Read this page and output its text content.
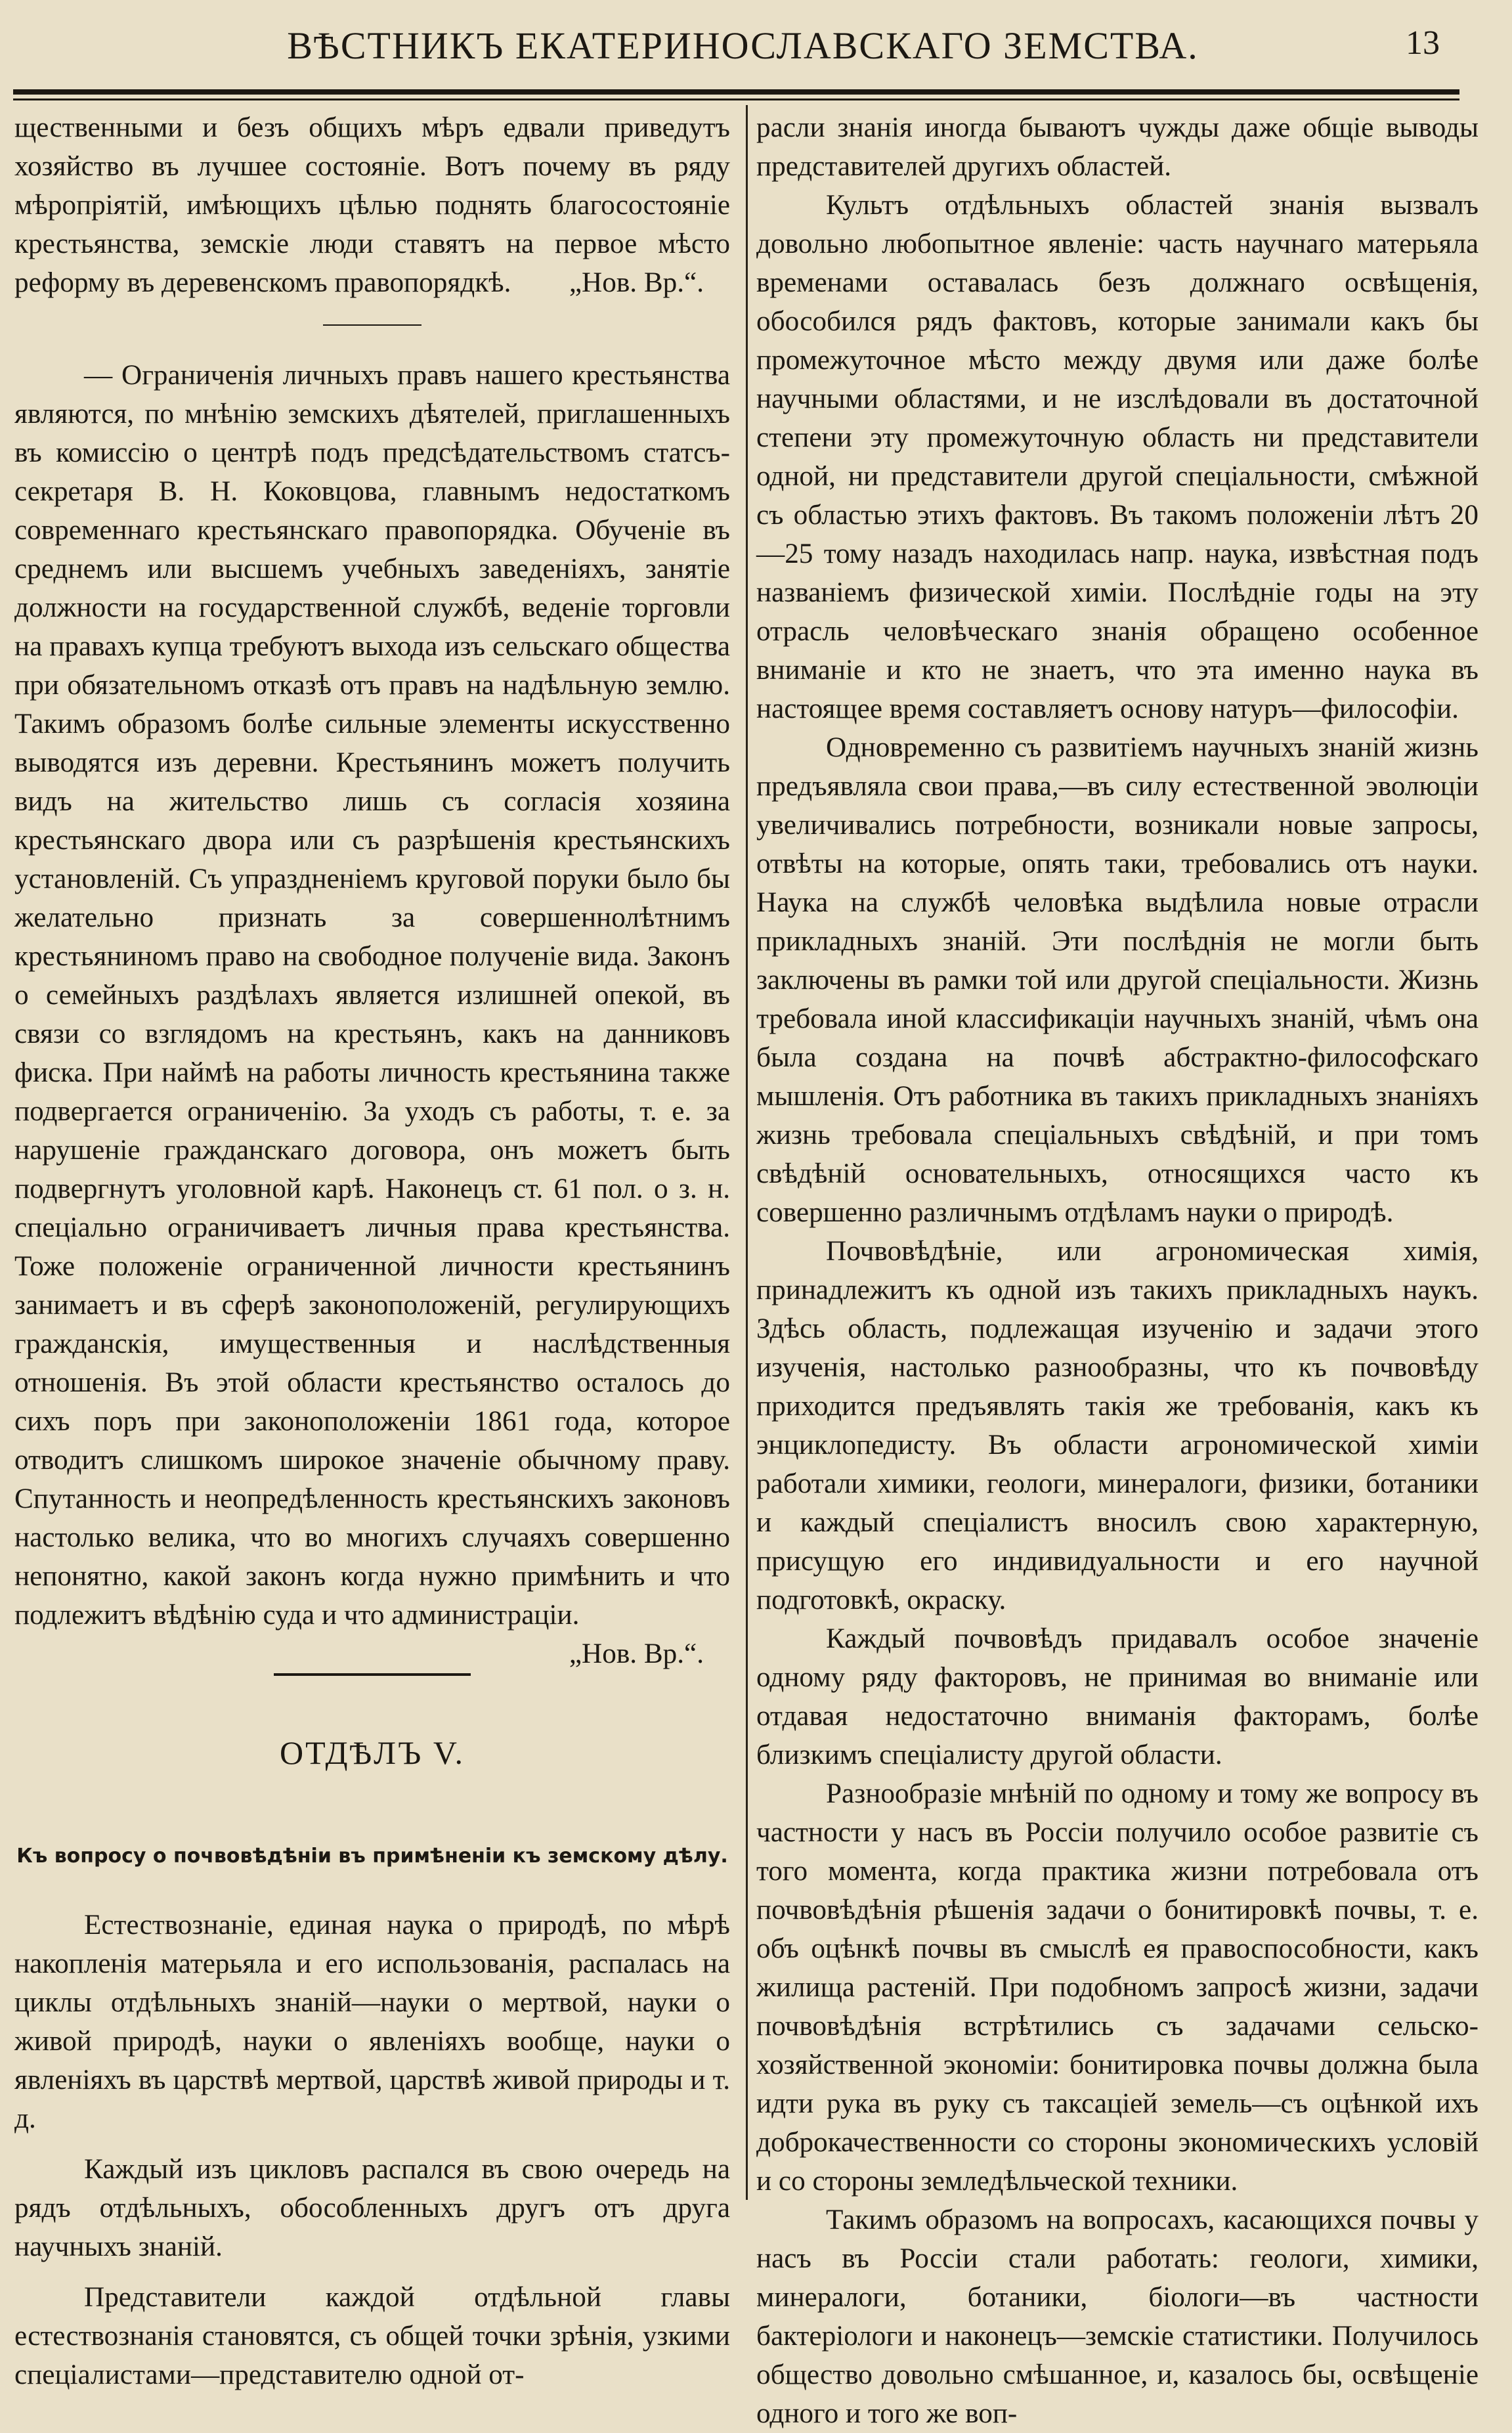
ВѢСТНИКЪ ЕКАТЕРИНОСЛАВСКАГО ЗЕМСТВА.	13

щественными и безъ общихъ мѣръ едвали приведутъ хозяйство въ лучшее состояніе. Вотъ почему въ ряду мѣропріятій, имѣющихъ цѣлью поднять благосостояніе крестьянства, земскіе люди ставятъ на первое мѣсто реформу въ деревенскомъ правопорядкѣ. „Нов. Вр.“.

— Ограниченія личныхъ правъ нашего крестьянства являются, по мнѣнію земскихъ дѣятелей, приглашенныхъ въ комиссію о центрѣ подъ предсѣдательствомъ статсъ-секретаря В. Н. Коковцова, главнымъ недостаткомъ современнаго крестьянскаго правопорядка. Обученіе въ среднемъ или высшемъ учебныхъ заведеніяхъ, занятіе должности на государственной службѣ, веденіе торговли на правахъ купца требуютъ выхода изъ сельскаго общества при обязательномъ отказѣ отъ правъ на надѣльную землю. Такимъ образомъ болѣе сильные элементы искусственно выводятся изъ деревни. Крестьянинъ можетъ получить видъ на жительство лишь съ согласія хозяина крестьянскаго двора или съ разрѣшенія крестьянскихъ установленій. Съ упраздненіемъ круговой поруки было бы желательно признать за совершеннолѣтнимъ крестьяниномъ право на свободное полученіе вида. Законъ о семейныхъ раздѣлахъ является излишней опекой, въ связи со взглядомъ на крестьянъ, какъ на данниковъ фиска. При наймѣ на работы личность крестьянина также подвергается ограниченію. За уходъ съ работы, т. е. за нарушеніе гражданскаго договора, онъ можетъ быть подвергнутъ уголовной карѣ. Наконецъ ст. 61 пол. о з. н. спеціально ограничиваетъ личныя права крестьянства. Тоже положеніе ограниченной личности крестьянинъ занимаетъ и въ сферѣ законоположеній, регулирующихъ гражданскія, имущественныя и наслѣдственныя отношенія. Въ этой области крестьянство осталось до сихъ поръ при законоположеніи 1861 года, которое отводитъ слишкомъ широкое значеніе обычному праву. Спутанность и неопредѣленность крестьянскихъ законовъ настолько велика, что во многихъ случаяхъ совершенно непонятно, какой законъ когда нужно примѣнить и что подлежитъ вѣдѣнію суда и что администраціи.
„Нов. Вр.“.

ОТДѢЛЪ V.
Къ вопросу о почвовѣдѣніи въ примѣненіи къ земскому дѣлу.

Естествознаніе, единая наука о природѣ, по мѣрѣ накопленія матерьяла и его использованія, распалась на циклы отдѣльныхъ знаній—науки о мертвой, науки о живой природѣ, науки о явленіяхъ вообще, науки о явленіяхъ въ царствѣ мертвой, царствѣ живой природы и т. д.

Каждый изъ цикловъ распался въ свою очередь на рядъ отдѣльныхъ, обособленныхъ другъ отъ друга научныхъ знаній.

Представители каждой отдѣльной главы естествознанія становятся, съ общей точки зрѣнія, узкими спеціалистами—представителю одной от-

расли знанія иногда бываютъ чужды даже общіе выводы представителей другихъ областей.

Культъ отдѣльныхъ областей знанія вызвалъ довольно любопытное явленіе: часть научнаго матерьяла временами оставалась безъ должнаго освѣщенія, обособился рядъ фактовъ, которые занимали какъ бы промежуточное мѣсто между двумя или даже болѣе научными областями, и не изслѣдовали въ достаточной степени эту промежуточную область ни представители одной, ни представители другой спеціальности, смѣжной съ областью этихъ фактовъ. Въ такомъ положеніи лѣтъ 20—25 тому назадъ находилась напр. наука, извѣстная подъ названіемъ физической химіи. Послѣдніе годы на эту отрасль человѣческаго знанія обращено особенное вниманіе и кто не знаетъ, что эта именно наука въ настоящее время составляетъ основу натуръ—философіи.

Одновременно съ развитіемъ научныхъ знаній жизнь предъявляла свои права,—въ силу естественной эволюціи увеличивались потребности, возникали новые запросы, отвѣты на которые, опять таки, требовались отъ науки. Наука на службѣ человѣка выдѣлила новые отрасли прикладныхъ знаній. Эти послѣднія не могли быть заключены въ рамки той или другой спеціальности. Жизнь требовала иной классификаціи научныхъ знаній, чѣмъ она была создана на почвѣ абстрактно-философскаго мышленія. Отъ работника въ такихъ прикладныхъ знаніяхъ жизнь требовала спеціальныхъ свѣдѣній, и при томъ свѣдѣній основательныхъ, относящихся часто къ совершенно различнымъ отдѣламъ науки о природѣ.

Почвовѣдѣніе, или агрономическая химія, принадлежитъ къ одной изъ такихъ прикладныхъ наукъ. Здѣсь область, подлежащая изученію и задачи этого изученія, настолько разнообразны, что къ почвовѣду приходится предъявлять такія же требованія, какъ къ энциклопедисту. Въ области агрономической химіи работали химики, геологи, минералоги, физики, ботаники и каждый спеціалистъ вносилъ свою характерную, присущую его индивидуальности и его научной подготовкѣ, окраску.

Каждый почвовѣдъ придавалъ особое значеніе одному ряду факторовъ, не принимая во вниманіе или отдавая недостаточно вниманія факторамъ, болѣе близкимъ спеціалисту другой области.

Разнообразіе мнѣній по одному и тому же вопросу въ частности у насъ въ Россіи получило особое развитіе съ того момента, когда практика жизни потребовала отъ почвовѣдѣнія рѣшенія задачи о бонитировкѣ почвы, т. е. объ оцѣнкѣ почвы въ смыслѣ ея правоспособности, какъ жилища растеній. При подобномъ запросѣ жизни, задачи почвовѣдѣнія встрѣтились съ задачами сельско-хозяйственной экономіи: бонитировка почвы должна была идти рука въ руку съ таксаціей земель—съ оцѣнкой ихъ доброкачественности со стороны экономическихъ условій и со стороны земледѣльческой техники.

Такимъ образомъ на вопросахъ, касающихся почвы у насъ въ Россіи стали работать: геологи, химики, минералоги, ботаники, біологи—въ частности бактеріологи и наконецъ—земскіе статистики. Получилось общество довольно смѣшанное, и, казалось бы, освѣщеніе одного и того же воп-
